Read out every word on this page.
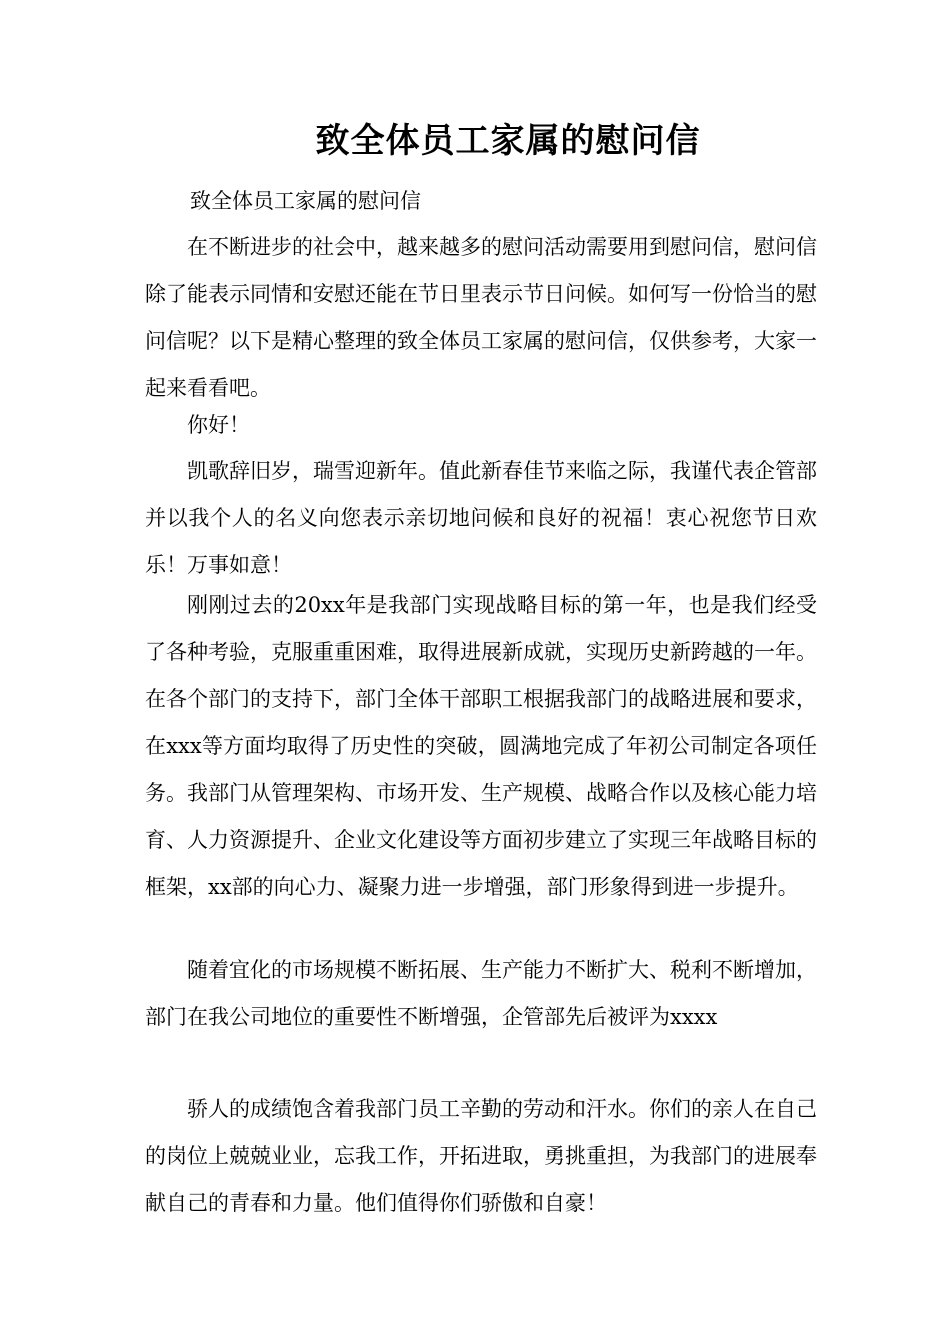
致全体员工家属的慰问信
致全体员工家属的慰问信

在不断进步的社会中，越来越多的慰问活动需要用到慰问信，慰问信除了能表示同情和安慰还能在节日里表示节日问候。如何写一份恰当的慰问信呢？以下是精心整理的致全体员工家属的慰问信，仅供参考，大家一起来看看吧。

你好！

凯歌辞旧岁，瑞雪迎新年。值此新春佳节来临之际，我谨代表企管部并以我个人的名义向您表示亲切地问候和良好的祝福！衷心祝您节日欢乐！万事如意！

刚刚过去的20xx年是我部门实现战略目标的第一年，也是我们经受了各种考验，克服重重困难，取得进展新成就，实现历史新跨越的一年。在各个部门的支持下，部门全体干部职工根据我部门的战略进展和要求，在xxx等方面均取得了历史性的突破，圆满地完成了年初公司制定各项任务。我部门从管理架构、市场开发、生产规模、战略合作以及核心能力培育、人力资源提升、企业文化建设等方面初步建立了实现三年战略目标的框架，xx部的向心力、凝聚力进一步增强，部门形象得到进一步提升。

随着宜化的市场规模不断拓展、生产能力不断扩大、税利不断增加，部门在我公司地位的重要性不断增强，企管部先后被评为xxxx

骄人的成绩饱含着我部门员工辛勤的劳动和汗水。你们的亲人在自己的岗位上兢兢业业，忘我工作，开拓进取，勇挑重担，为我部门的进展奉献自己的青春和力量。他们值得你们骄傲和自豪！
